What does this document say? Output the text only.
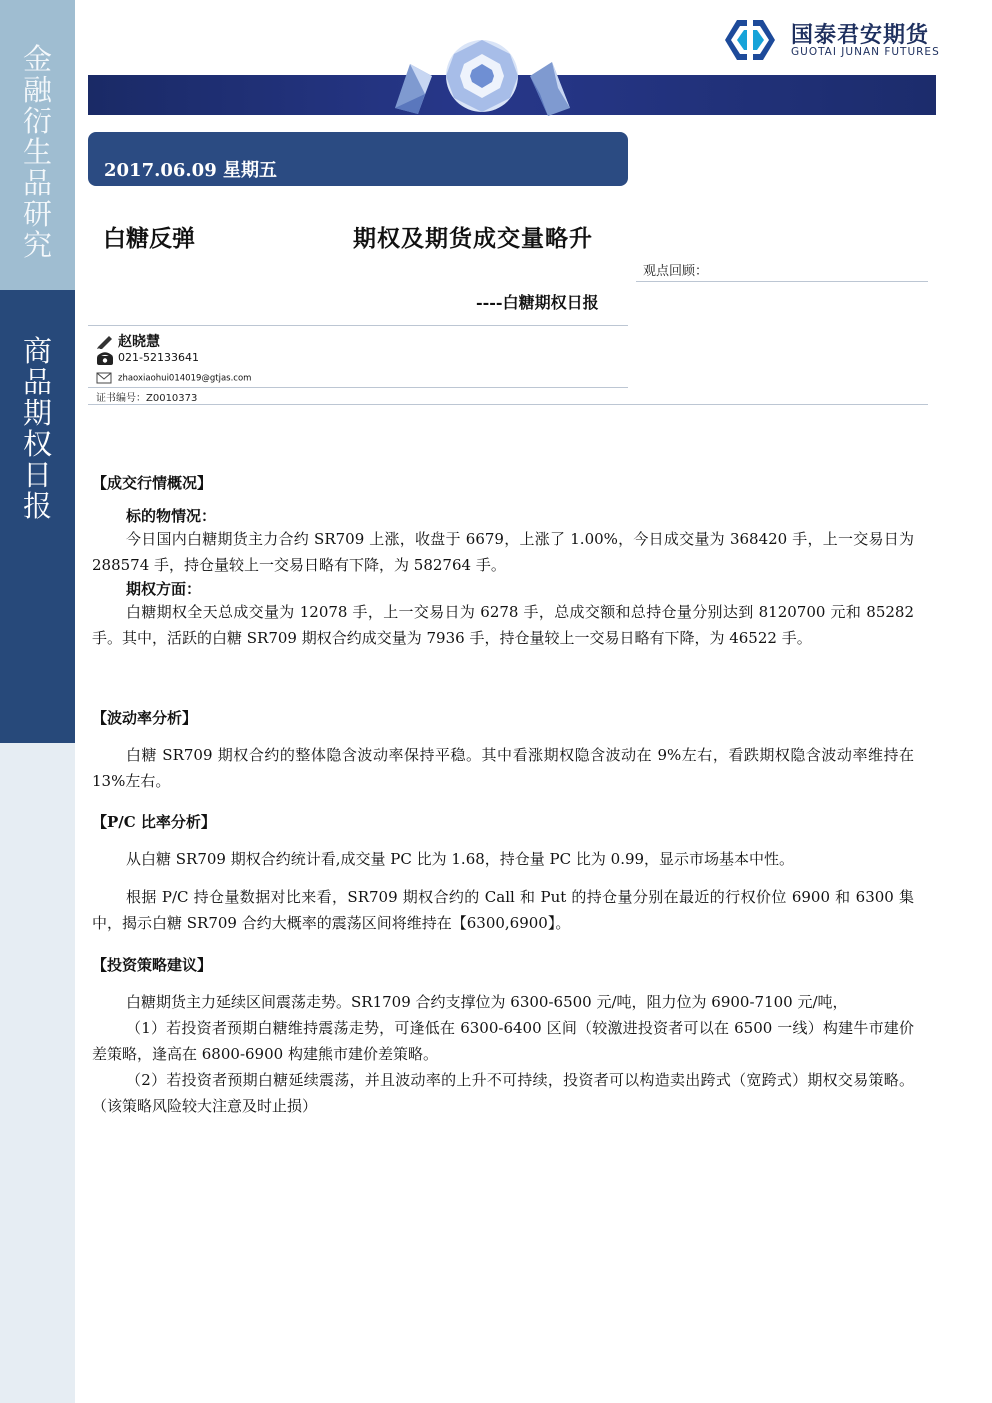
金
融
衍
生
品
研
究
商
品
期
权
日
报
国泰君安期货
GUOTAI JUNAN FUTURES
2017.06.09 星期五
白糖反弹	期权及期货成交量略升
观点回顾：
----白糖期权日报
赵晓慧
021-52133641
zhaoxiaohui014019@gtjas.com
证书编号：Z0010373
【成交行情概况】
标的物情况：
今日国内白糖期货主力合约 SR709 上涨，收盘于 6679，上涨了 1.00%，今日成交量为 368420 手，上一交易日为 288574 手，持仓量较上一交易日略有下降，为 582764 手。
期权方面：
白糖期权全天总成交量为 12078 手，上一交易日为 6278 手，总成交额和总持仓量分别达到 8120700 元和 85282 手。其中，活跃的白糖 SR709 期权合约成交量为 7936 手，持仓量较上一交易日略有下降，为 46522 手。
【波动率分析】
白糖 SR709 期权合约的整体隐含波动率保持平稳。其中看涨期权隐含波动在 9%左右，看跌期权隐含波动率维持在 13%左右。
【P/C 比率分析】
从白糖 SR709 期权合约统计看,成交量 PC 比为 1.68，持仓量 PC 比为 0.99，显示市场基本中性。
根据 P/C 持仓量数据对比来看，SR709 期权合约的 Call 和 Put 的持仓量分别在最近的行权价位 6900 和 6300 集中，揭示白糖 SR709 合约大概率的震荡区间将维持在【6300,6900】。
【投资策略建议】
白糖期货主力延续区间震荡走势。SR1709 合约支撑位为 6300-6500 元/吨，阻力位为 6900-7100 元/吨，
（1）若投资者预期白糖维持震荡走势，可逢低在 6300-6400 区间（较激进投资者可以在 6500 一线）构建牛市建价差策略，逢高在 6800-6900 构建熊市建价差策略。
（2）若投资者预期白糖延续震荡，并且波动率的上升不可持续，投资者可以构造卖出跨式（宽跨式）期权交易策略。（该策略风险较大注意及时止损）
